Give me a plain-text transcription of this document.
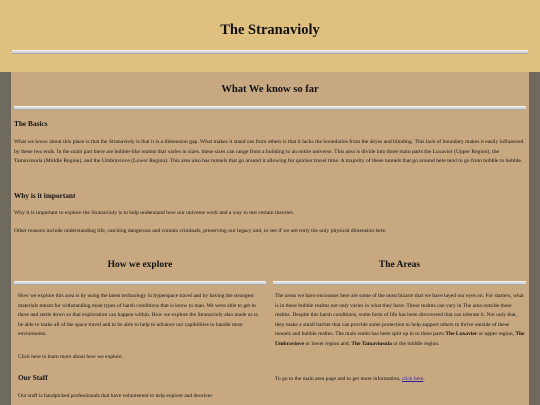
The Stranavioly
What We know so far
The Basics
What we know about this place is that the Stranavioly is that it is a dimension gap. What makes it stand out from others is that it lacks the boundaries from the abyss and blinding. This lack of boundary makes it easily influanced by these two ends. In the main part there are bubble-like realms that varies in sizes. these sizes can range from a building to an entire universe. This area is divide into three main parts the Luxavier (Upper Region), the Tamavinsula (Middle Region), and the Umbraviove (Lower Region). This area also has tunnels that go around it allowing for quicker travel time. A majority of these tunnels that go around here tend to go from bubble to bubble.
Why is it important
Why it is important to explore the Stranavioly is to help understand how our universe work and a way to test certain theories.
Other reasons include understanding life, catching dangerous and contain criminals, preserving our legacy and, to see if we are truly the only physical dimension here.
How we explore
How we explore this area is by using the latest technology in hyperspace travel and by having the strongest materials meant for withstanding most types of harsh conditions that is know to man. We were able to get in there and settle down so that exploration can happen within. How we explore the Stranavioly also made us to be able to make all of the space travel and to be able to help to advance our capibilities to handle most enviorments.
Click here to learn more about how we explore.
Our Staff
Our staff is handpicked professionals that have volunteered to help explore and deceiver
The Areas
The areas we have encounter here are some of the most bizarre that we have layed our eyes on. For starters, what is in these bubble realms not only varies in what they have. These realms can vary in The area outside these realms. Despite this harsh conditions, some form of life has been discovered that can tolerate it. Not only that, they make a small barrier that can provide some protection to help support others to thrive outside of these tunnels and bubble realms. The main realm has been split up in to three parts The Luxavier or upper region, The Umbraviove or lower region and, The Tamavinsula or the middle region.
To go to the main area page and to get more information, click here.
